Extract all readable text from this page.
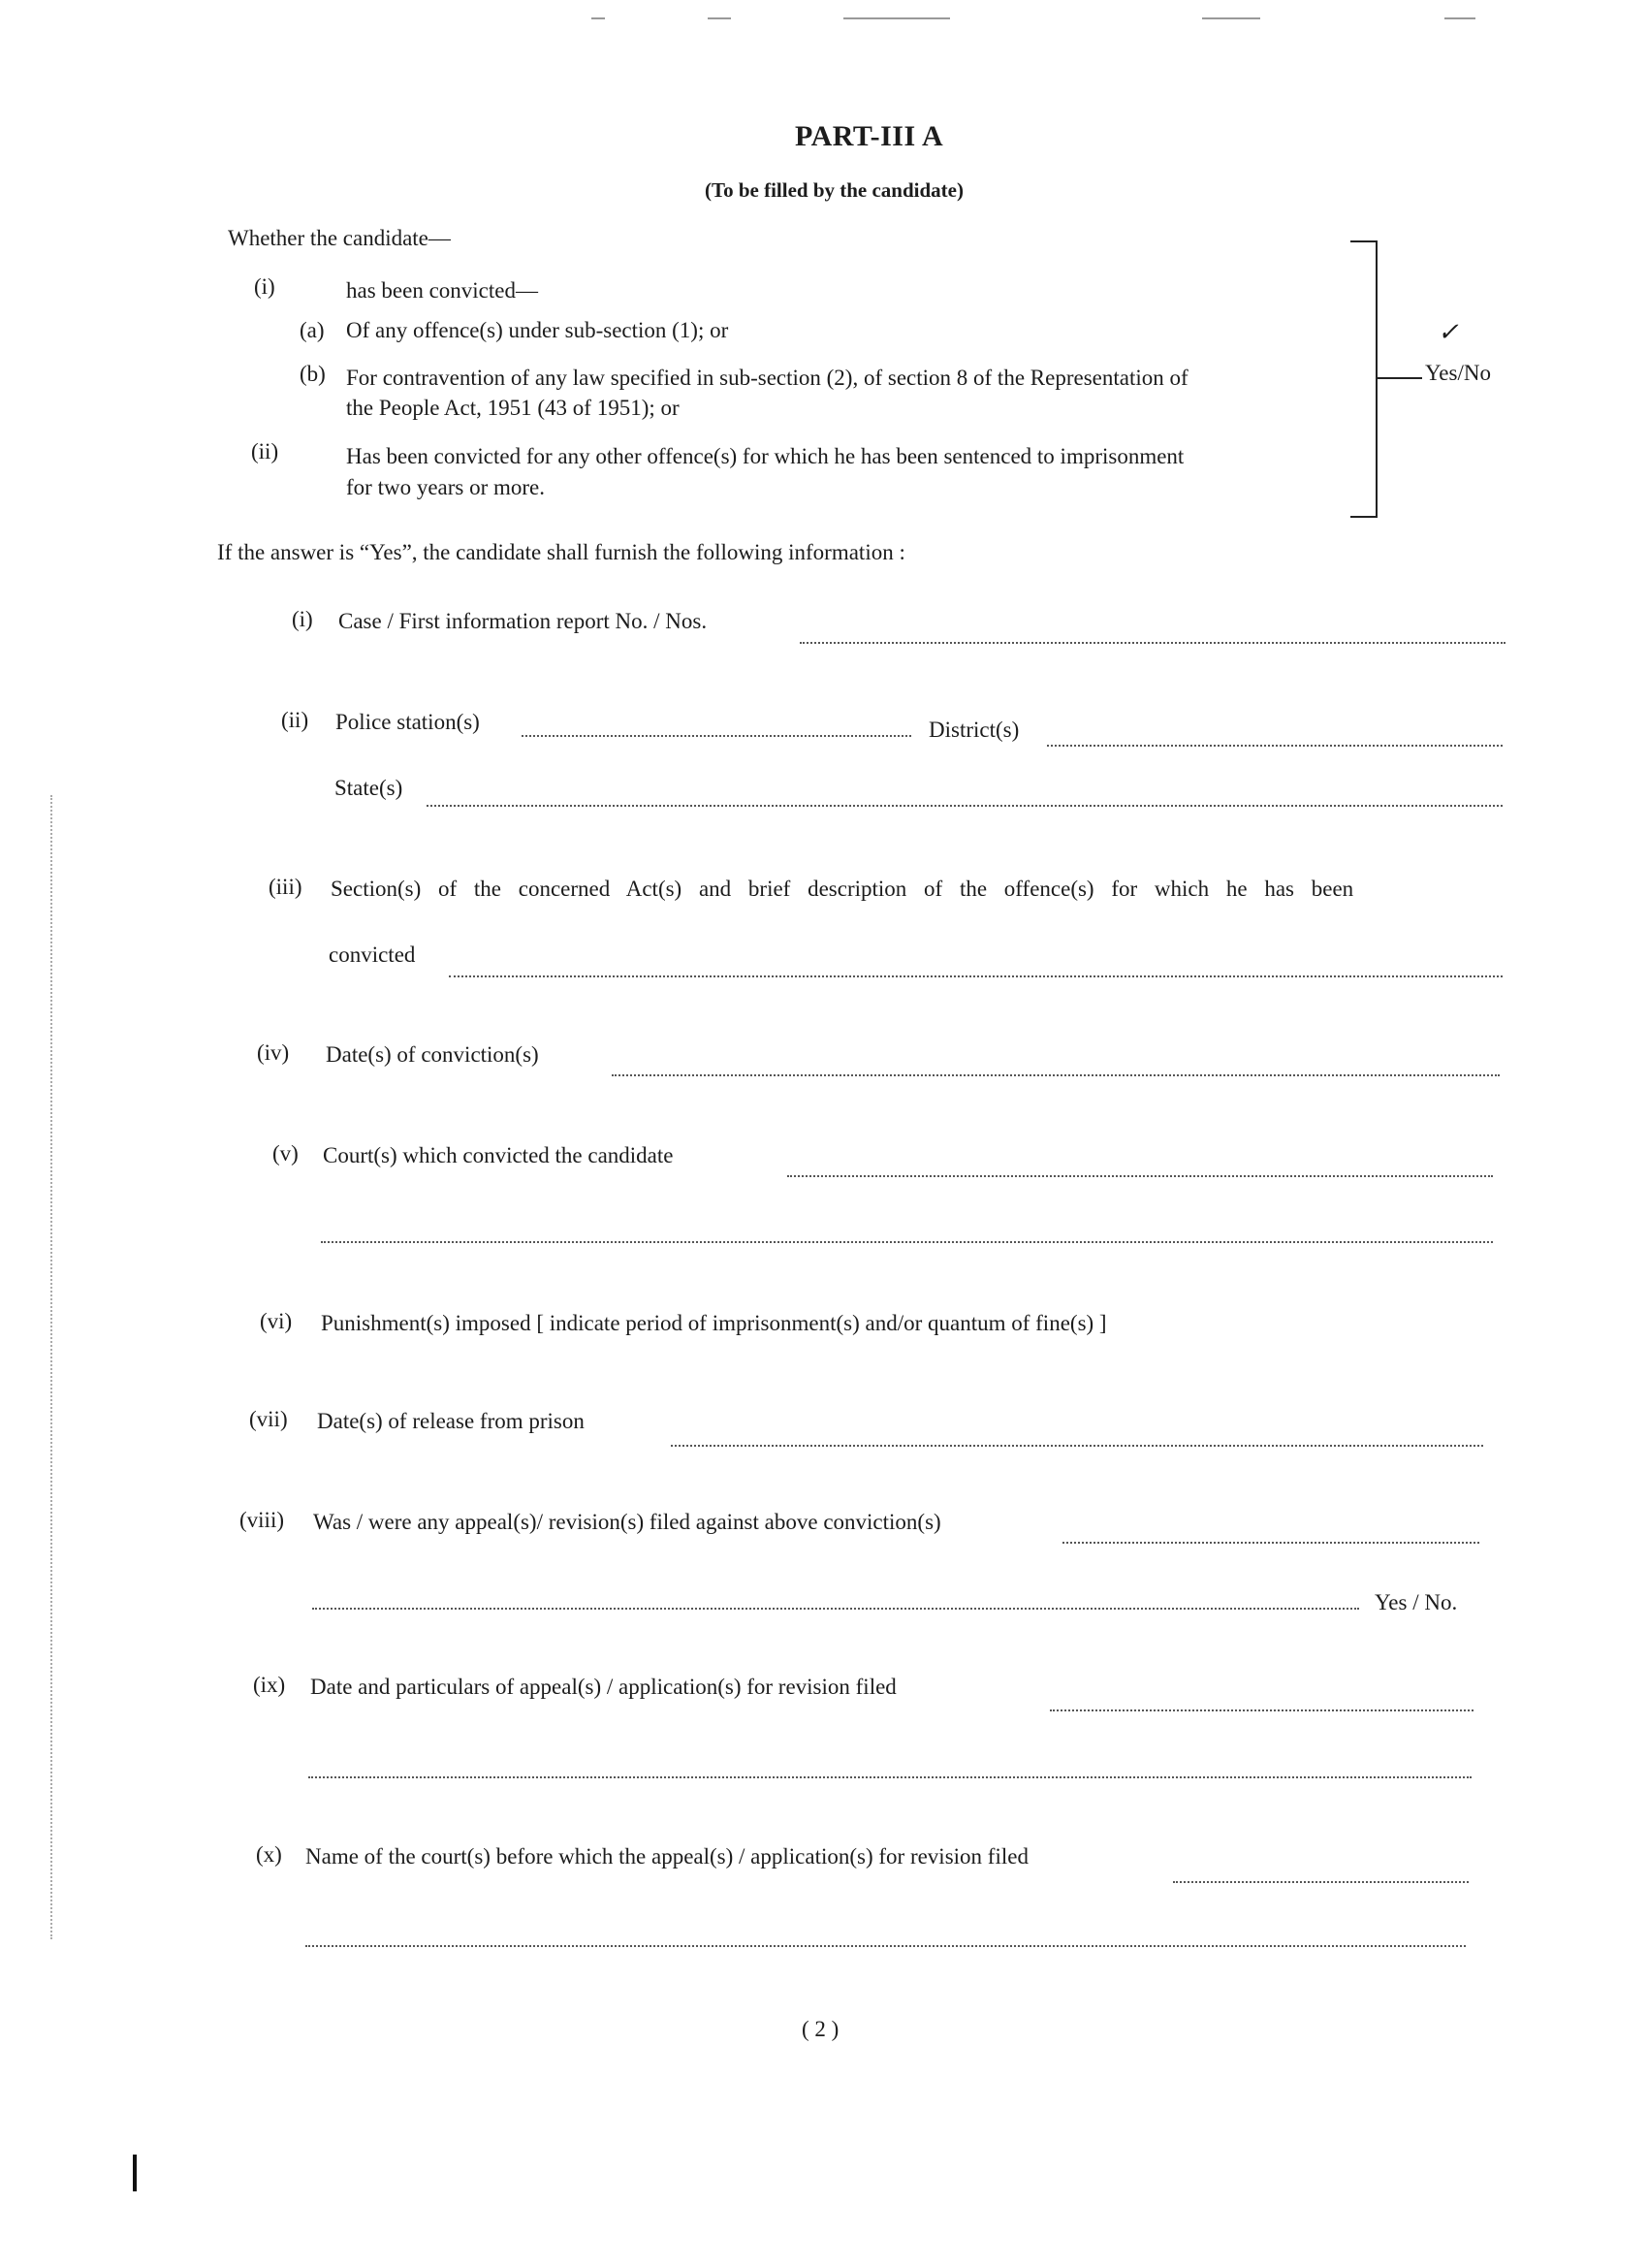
PART-III A
(To be filled by the candidate)
Whether the candidate—
(i)	has been convicted—
(a) Of any offence(s) under sub-section (1); or
(b) For contravention of any law specified in sub-section (2), of section 8 of the Representation of
the People Act, 1951 (43 of 1951); or
(ii)	Has been convicted for any other offence(s) for which he has been sentenced to imprisonment
for two years or more.
✓
Yes/No
If the answer is “Yes”, the candidate shall furnish the following information :
(i) Case / First information report No. / Nos.
(ii) Police station(s)	District(s)
State(s)
(iii) Section(s) of the concerned Act(s) and brief description of the offence(s) for which he has been
convicted
(iv) Date(s) of conviction(s)
(v) Court(s) which convicted the candidate
(vi) Punishment(s) imposed [ indicate period of imprisonment(s) and/or quantum of fine(s) ]
(vii) Date(s) of release from prison
(viii) Was / were any appeal(s)/ revision(s) filed against above conviction(s)
Yes / No.
(ix) Date and particulars of appeal(s) / application(s) for revision filed
(x) Name of the court(s) before which the appeal(s) / application(s) for revision filed
( 2 )
